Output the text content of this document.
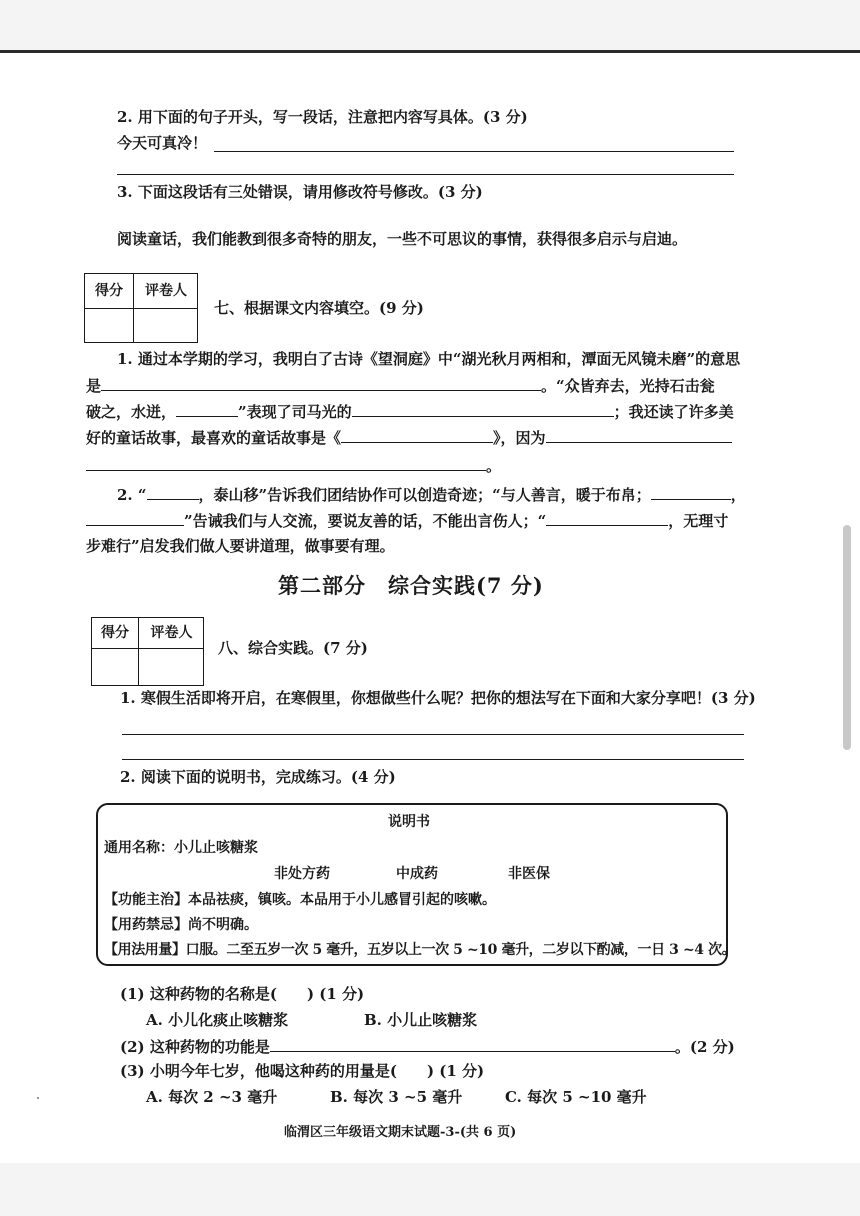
2. 用下面的句子开头，写一段话，注意把内容写具体。(3 分)
今天可真冷！
3. 下面这段话有三处错误，请用修改符号修改。(3 分)
阅读童话，我们能教到很多奇特的朋友，一些不可思议的事情，获得很多启示与启迪。
得分	评卷人
七、根据课文内容填空。(9 分)
1. 通过本学期的学习，我明白了古诗《望洞庭》中“湖光秋月两相和，潭面无风镜未磨”的意思
是	。“众皆弃去，光持石击瓮
破之，水迸，	”表现了司马光的	；我还读了许多美
好的童话故事，最喜欢的童话故事是《	》，因为
。
2. “	，泰山移”告诉我们团结协作可以创造奇迹；“与人善言，暖于布帛；	，
”告诫我们与人交流，要说友善的话，不能出言伤人；“	，无理寸
步难行”启发我们做人要讲道理，做事要有理。
第二部分　综合实践(7 分)
得分	评卷人
八、综合实践。(7 分)
1. 寒假生活即将开启，在寒假里，你想做些什么呢？把你的想法写在下面和大家分享吧！(3 分)
2. 阅读下面的说明书，完成练习。(4 分)
说明书
通用名称：小儿止咳糖浆
非处方药	中成药	非医保
【功能主治】本品祛痰，镇咳。本品用于小儿感冒引起的咳嗽。
【用药禁忌】尚不明确。
【用法用量】口服。二至五岁一次 5 毫升，五岁以上一次 5 ~10 毫升，二岁以下酌减，一日 3 ~4 次。
(1) 这种药物的名称是(　　) (1 分)
A. 小儿化痰止咳糖浆	B. 小儿止咳糖浆
(2) 这种药物的功能是	。(2 分)
(3) 小明今年七岁，他喝这种药的用量是(　　) (1 分)
A. 每次 2 ~3 毫升	B. 每次 3 ~5 毫升	C. 每次 5 ~10 毫升
临渭区三年级语文期末试题-3-(共 6 页)
